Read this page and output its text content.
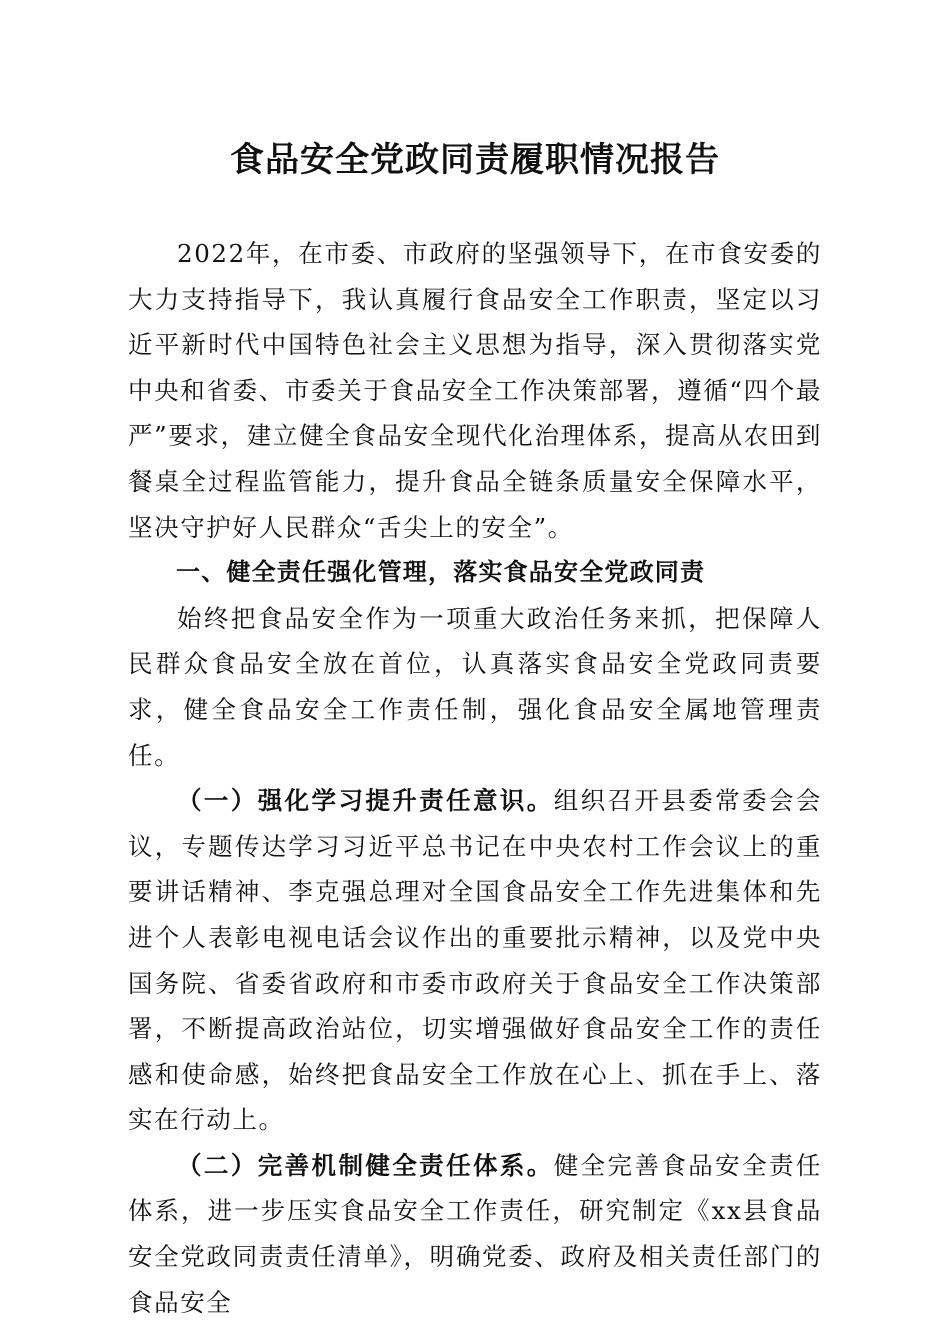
食品安全党政同责履职情况报告

2022年，在市委、市政府的坚强领导下，在市食安委的大力支持指导下，我认真履行食品安全工作职责，坚定以习近平新时代中国特色社会主义思想为指导，深入贯彻落实党中央和省委、市委关于食品安全工作决策部署，遵循“四个最严”要求，建立健全食品安全现代化治理体系，提高从农田到餐桌全过程监管能力，提升食品全链条质量安全保障水平，坚决守护好人民群众“舌尖上的安全”。

一、健全责任强化管理，落实食品安全党政同责

始终把食品安全作为一项重大政治任务来抓，把保障人民群众食品安全放在首位，认真落实食品安全党政同责要求，健全食品安全工作责任制，强化食品安全属地管理责任。

（一）强化学习提升责任意识。组织召开县委常委会会议，专题传达学习习近平总书记在中央农村工作会议上的重要讲话精神、李克强总理对全国食品安全工作先进集体和先进个人表彰电视电话会议作出的重要批示精神，以及党中央国务院、省委省政府和市委市政府关于食品安全工作决策部署，不断提高政治站位，切实增强做好食品安全工作的责任感和使命感，始终把食品安全工作放在心上、抓在手上、落实在行动上。

（二）完善机制健全责任体系。健全完善食品安全责任体系，进一步压实食品安全工作责任，研究制定《xx县食品安全党政同责责任清单》，明确党委、政府及相关责任部门的食品安全
